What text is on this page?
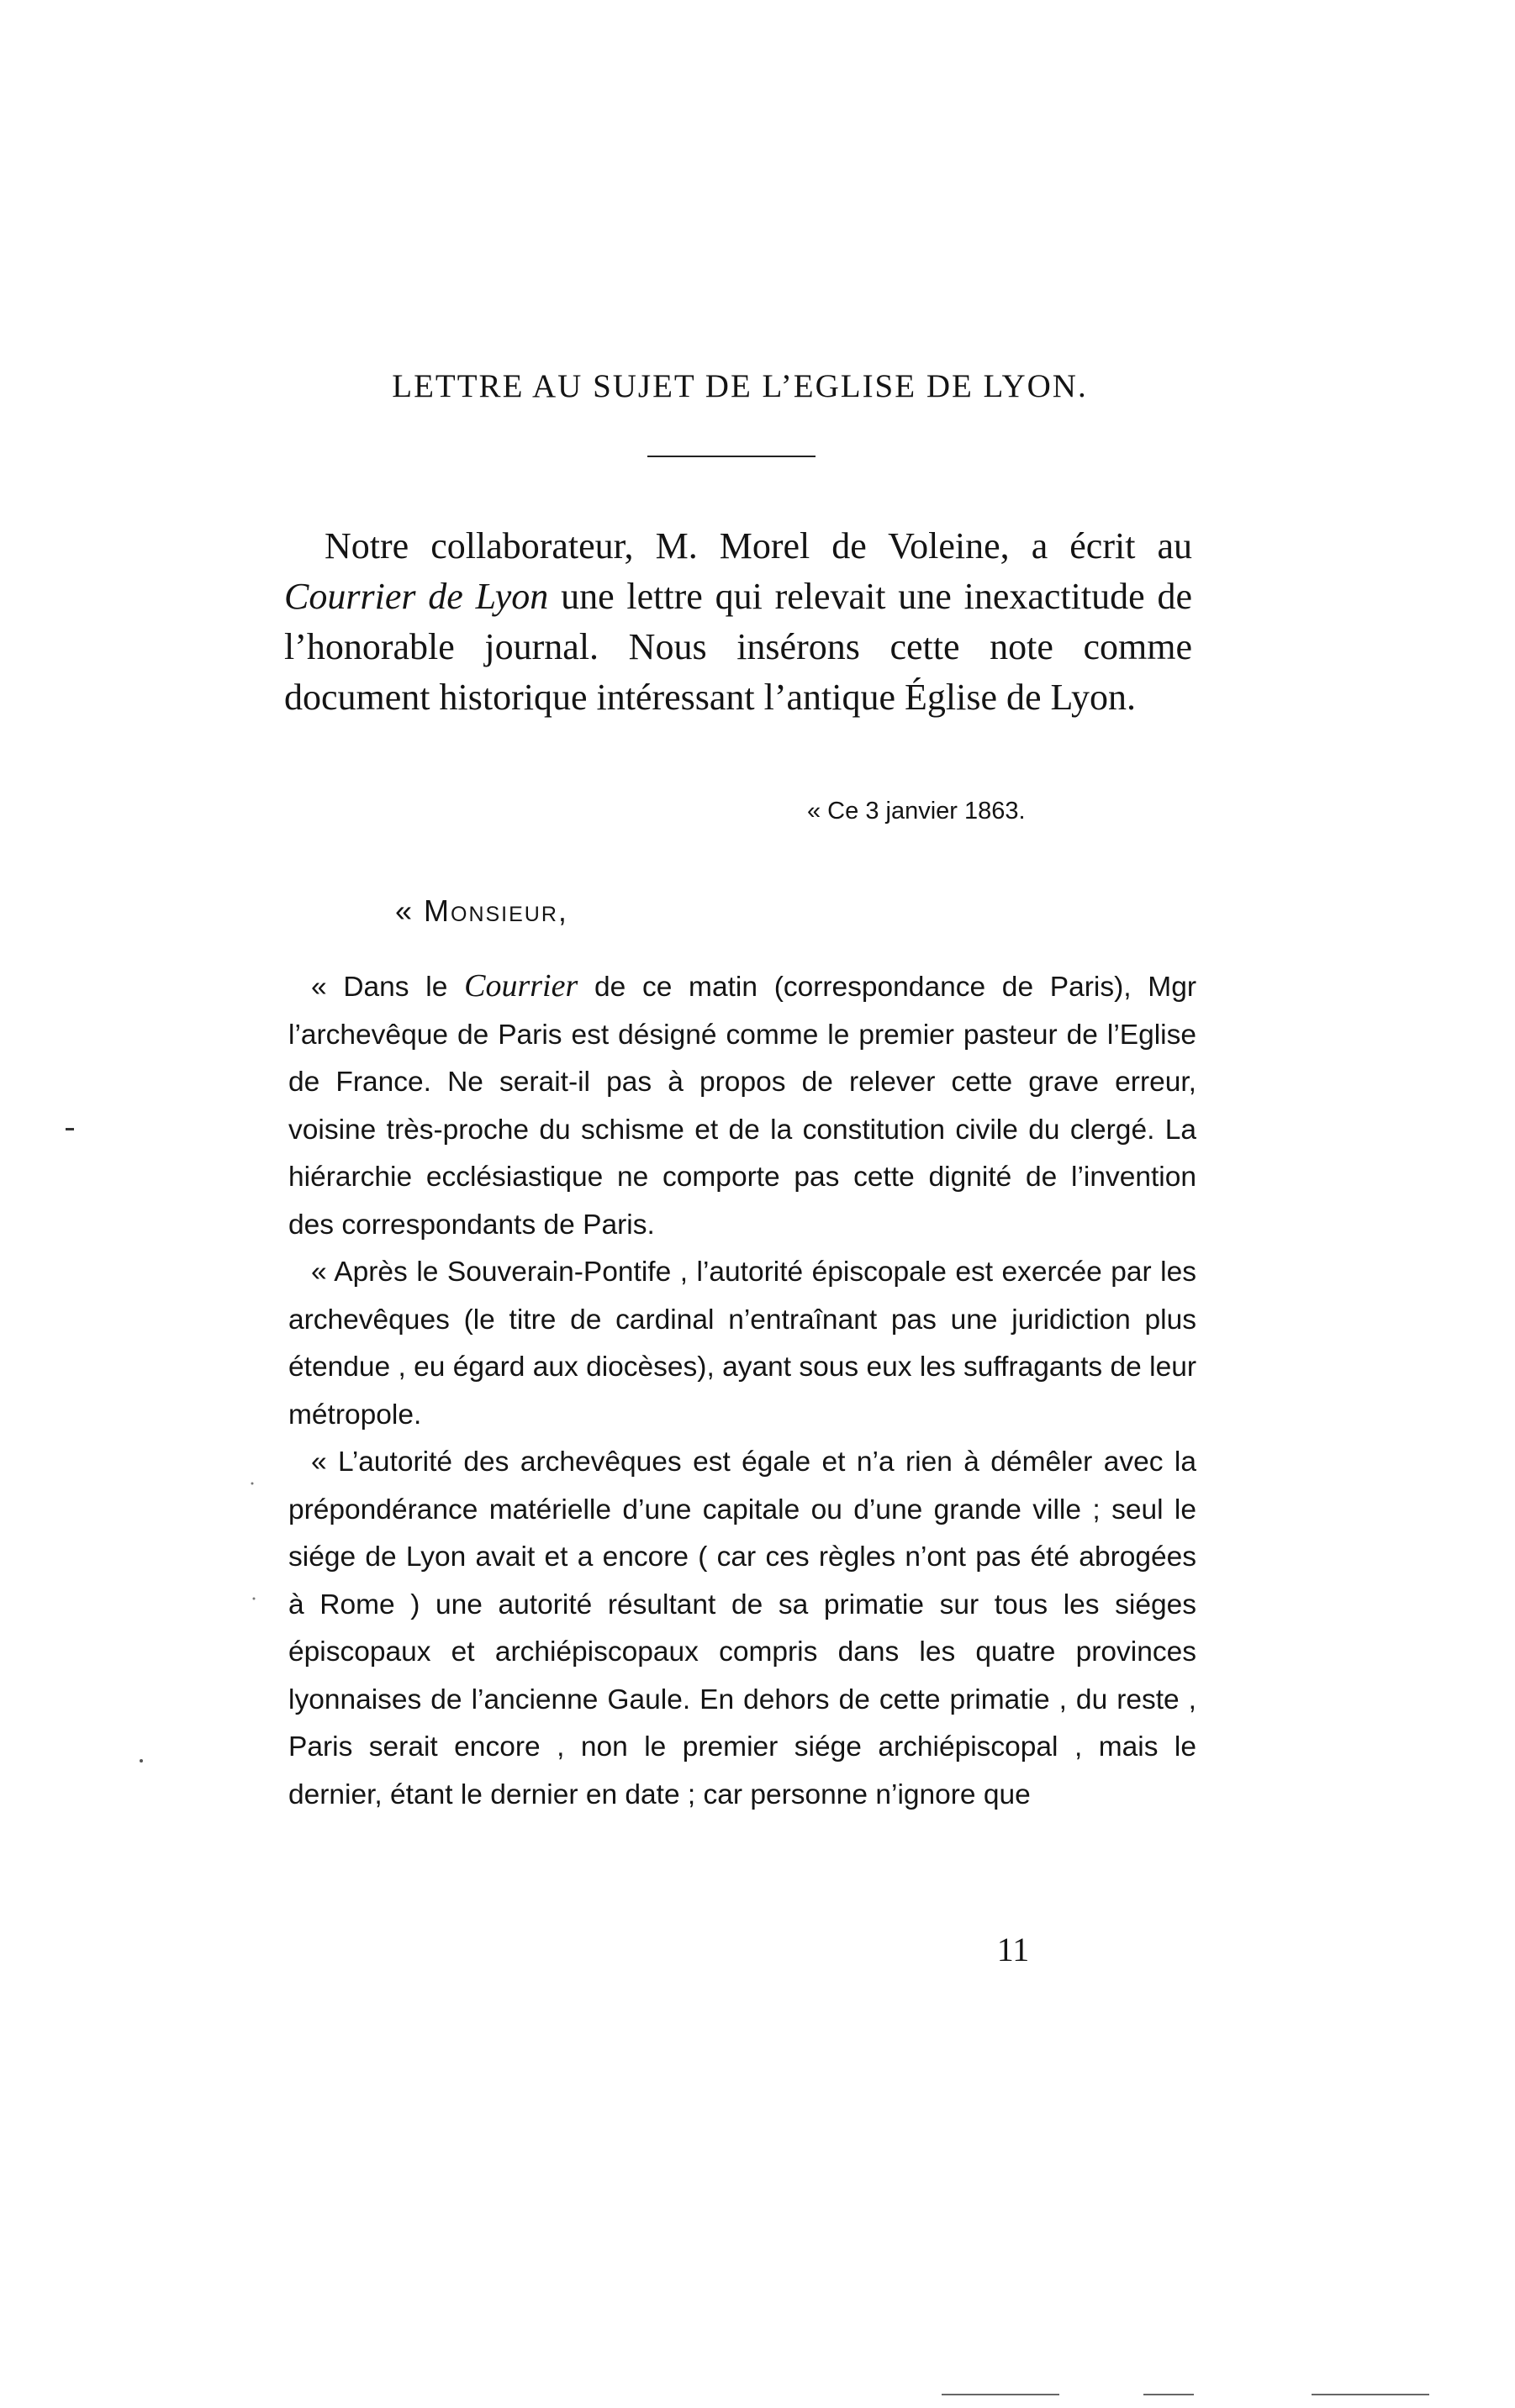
LETTRE AU SUJET DE L’EGLISE DE LYON.

Notre collaborateur, M. Morel de Voleine, a écrit au Courrier de Lyon une lettre qui relevait une inexactitude de l’honorable journal. Nous insérons cette note comme document historique intéressant l’antique Église de Lyon.

« Ce 3 janvier 1863.
« Monsieur,

« Dans le Courrier de ce matin (correspondance de Paris), Mgr l’archevêque de Paris est désigné comme le premier pasteur de l’Eglise de France. Ne serait-il pas à propos de relever cette grave erreur, voisine très-proche du schisme et de la constitution civile du clergé. La hiérarchie ecclésiastique ne comporte pas cette dignité de l’invention des correspondants de Paris.

« Après le Souverain-Pontife , l’autorité épiscopale est exercée par les archevêques (le titre de cardinal n’entraînant pas une juridiction plus étendue , eu égard aux diocèses), ayant sous eux les suffragants de leur métropole.

« L’autorité des archevêques est égale et n’a rien à démêler avec la prépondérance matérielle d’une capitale ou d’une grande ville ; seul le siége de Lyon avait et a encore ( car ces règles n’ont pas été abrogées à Rome ) une autorité résultant de sa primatie sur tous les siéges épiscopaux et archiépiscopaux compris dans les quatre provinces lyonnaises de l’ancienne Gaule. En dehors de cette primatie , du reste , Paris serait encore , non le premier siége archiépiscopal , mais le dernier, étant le dernier en date ; car personne n’ignore que

11
